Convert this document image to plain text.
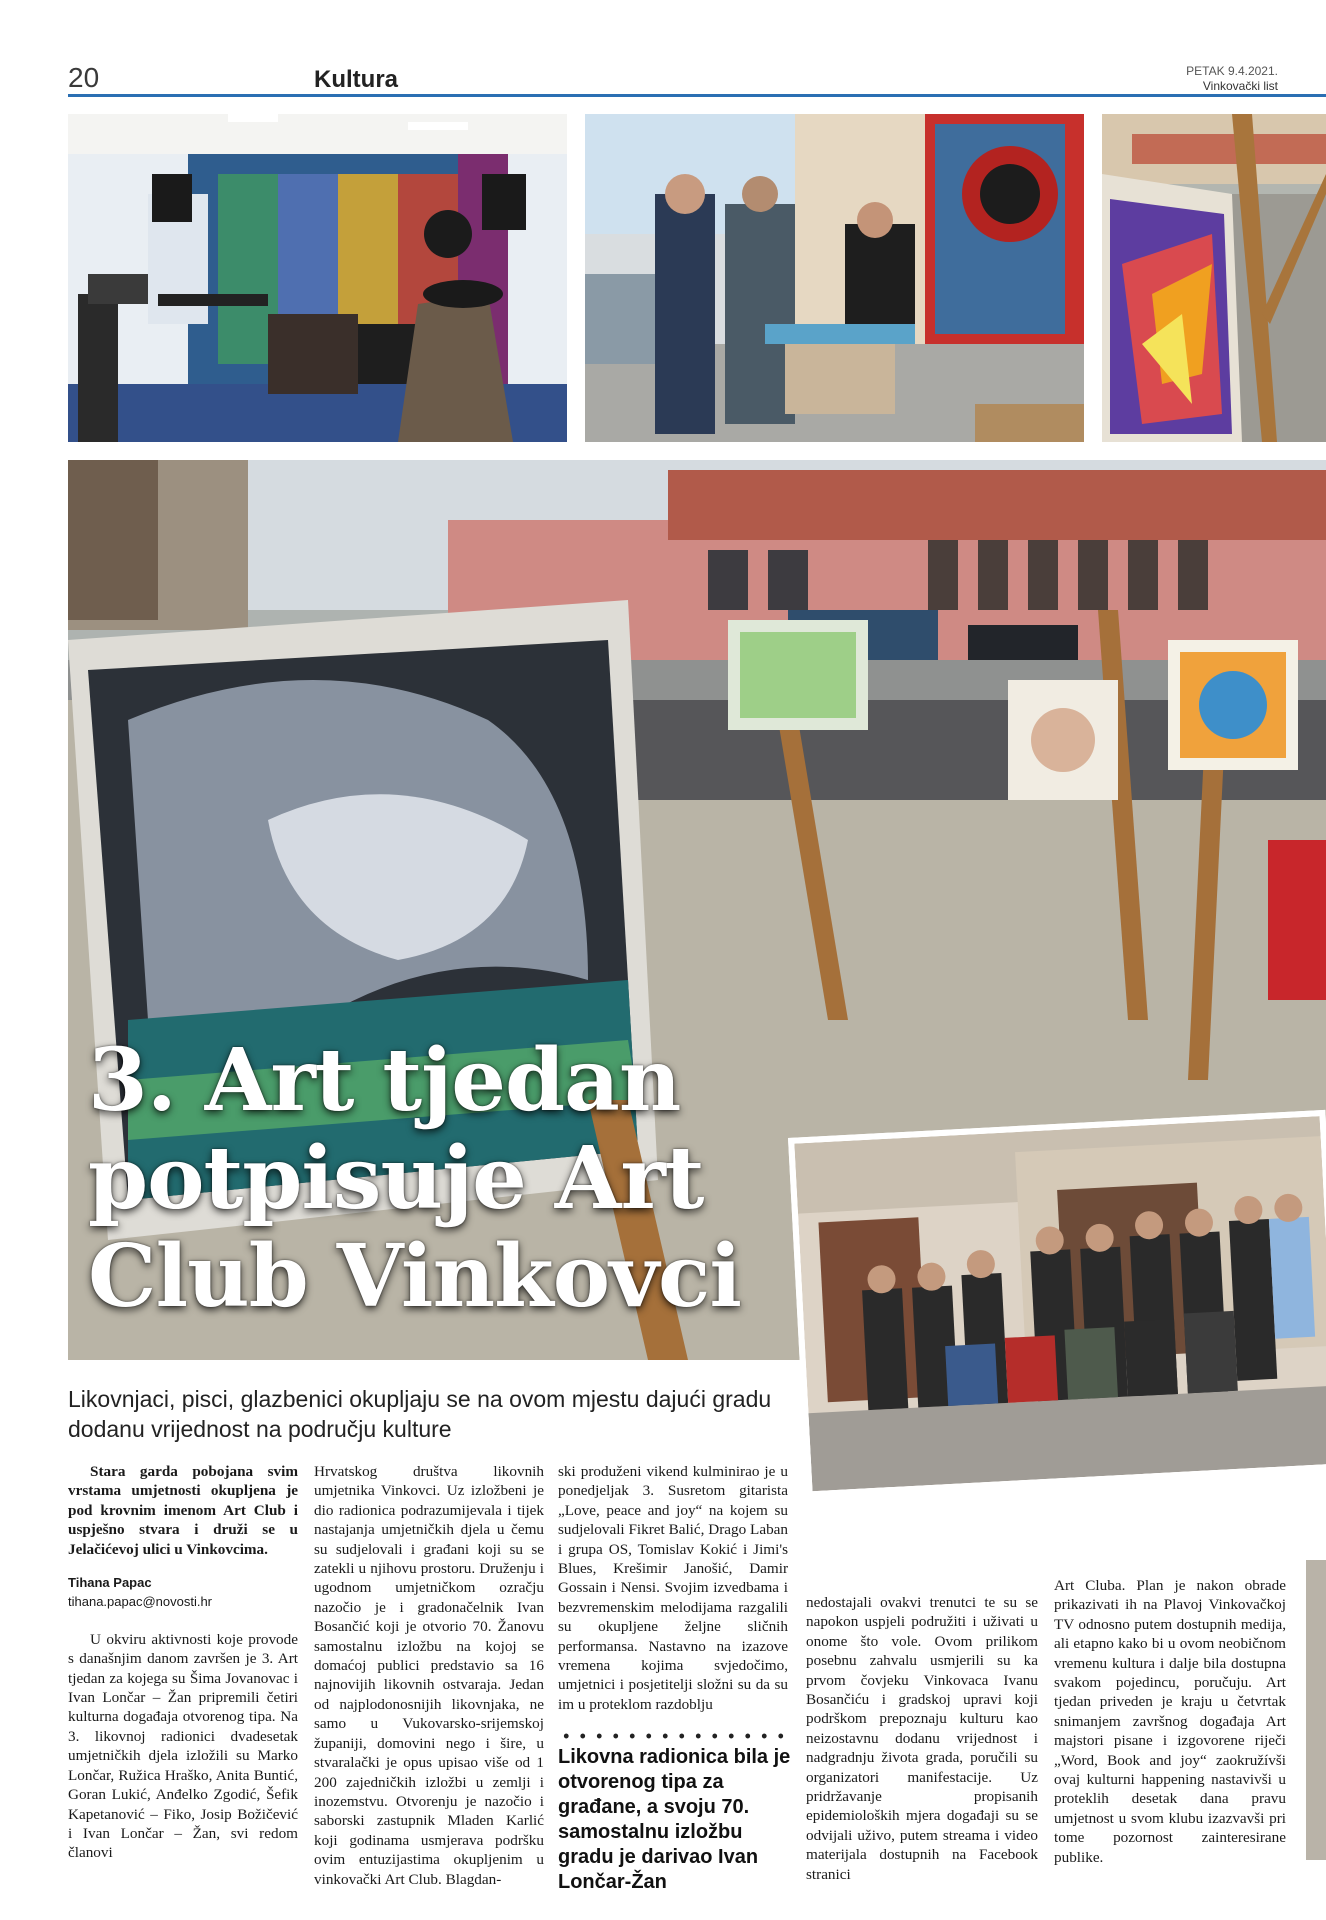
20	Kultura	PETAK 9.4.2021.
Vinkovački list
3. Art tjedan potpisuje Art Club Vinkovci
Likovnjaci, pisci, glazbenici okupljaju se na ovom mjestu dajući gradu dodanu vrijednost na području kulture

Stara garda pobojana svim vrstama umjetnosti okupljena je pod krovnim imenom Art Club i uspješno stvara i druži se u Jelačićevoj ulici u Vinkovcima.

Tihana Papac
tihana.papac@novosti.hr

U okviru aktivnosti koje provode s današnjim danom završen je 3. Art tjedan za kojega su Šima Jovanovac i Ivan Lončar – Žan pripremili četiri kulturna događaja otvorenog tipa. Na 3. likovnoj radionici dvadesetak umjetničkih djela izložili su Marko Lončar, Ružica Hraško, Anita Buntić, Goran Lukić, Anđelko Zgodić, Šefik Kapetanović – Fiko, Josip Božičević i Ivan Lončar – Žan, svi redom članovi

Hrvatskog društva likovnih umjetnika Vinkovci. Uz izložbeni je dio radionica podrazumijevala i tijek nastajanja umjetničkih djela u čemu su sudjelovali i građani koji su se zatekli u njihovu prostoru. Druženju i ugodnom umjetničkom ozračju nazočio je i gradonačelnik Ivan Bosančić koji je otvorio 70. Žanovu samostalnu izložbu na kojoj se domaćoj publici predstavio sa 16 najnovijih likovnih ostvaraja. Jedan od najplodonosnijih likovnjaka, ne samo u Vukovarsko-srijemskoj županiji, domovini nego i šire, u stvaralački je opus upisao više od 1 200 zajedničkih izložbi u zemlji i inozemstvu. Otvorenju je nazočio i saborski zastupnik Mladen Karlić koji godinama usmjerava podršku ovim entuzijastima okupljenim u vinkovački Art Club. Blagdan-

ski produženi vikend kulminirao je u ponedjeljak 3. Susretom gitarista „Love, peace and joy“ na kojem su sudjelovali Fikret Balić, Drago Laban i grupa OS, Tomislav Kokić i Jimi's Blues, Krešimir Janošić, Damir Gossain i Nensi. Svojim izvedbama i bezvremenskim melodijama razgalili su okupljene željne sličnih performansa. Nastavno na izazove vremena kojima svjedočimo, umjetnici i posjetitelji složni su da su im u proteklom razdoblju

Likovna radionica bila je otvorenog tipa za građane, a svoju 70. samostalnu izložbu gradu je darivao Ivan Lončar-Žan

nedostajali ovakvi trenutci te su se napokon uspjeli podružiti i uživati u onome što vole. Ovom prilikom posebnu zahvalu usmjerili su ka prvom čovjeku Vinkovaca Ivanu Bosančiću i gradskoj upravi koji podrškom prepoznaju kulturu kao neizostavnu dodanu vrijednost i nadgradnju života grada, poručili su organizatori manifestacije. Uz pridržavanje propisanih epidemioloških mjera događaji su se odvijali uživo, putem streama i video materijala dostupnih na Facebook stranici

Art Cluba. Plan je nakon obrade prikazivati ih na Plavoj Vinkovačkoj TV odnosno putem dostupnih medija, ali etapno kako bi u ovom neobičnom vremenu kultura i dalje bila dostupna svakom pojedincu, poručuju. Art tjedan priveden je kraju u četvrtak snimanjem završnog događaja Art majstori pisane i izgovorene riječi „Word, Book and joy“ zaokružívši ovaj kulturni happening nastavivši u proteklih desetak dana pravu umjetnost u svom klubu izazvavši pri tome pozornost zainteresirane publike.
